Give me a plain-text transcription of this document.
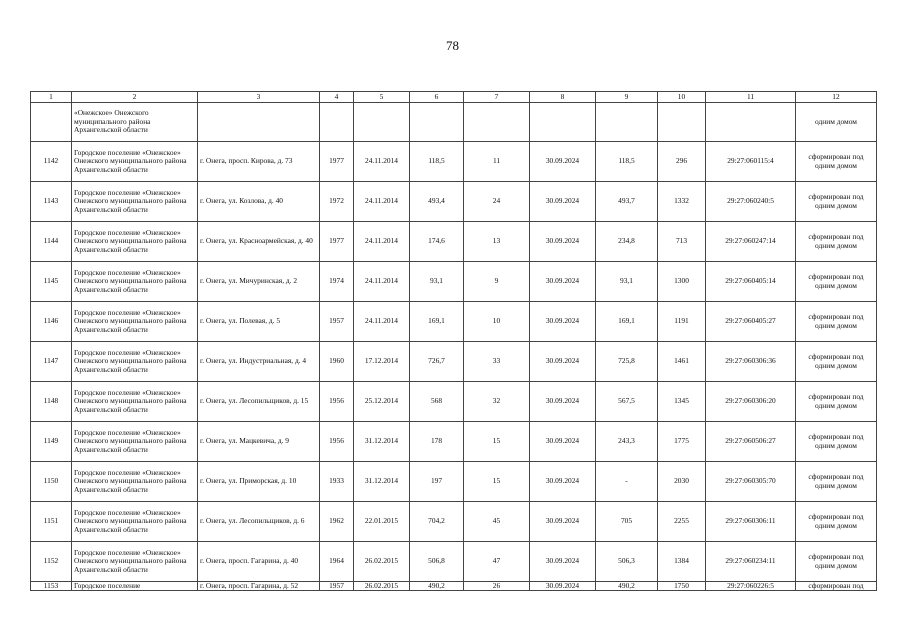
78
1	2	3	4	5	6	7	8	9	10	11	12
	«Онежское» Онежского муниципального района Архангельской области										одним домом
1142	Городское поселение «Онежское» Онежского муниципального района Архангельской области	г. Онега, просп. Кирова, д. 73	1977	24.11.2014	118,5	11	30.09.2024	118,5	296	29:27:060115:4	сформирован под одним домом
1143	Городское поселение «Онежское» Онежского муниципального района Архангельской области	г. Онега, ул. Козлова, д. 40	1972	24.11.2014	493,4	24	30.09.2024	493,7	1332	29:27:060240:5	сформирован под одним домом
1144	Городское поселение «Онежское» Онежского муниципального района Архангельской области	г. Онега, ул. Красноармейская, д. 40	1977	24.11.2014	174,6	13	30.09.2024	234,8	713	29:27:060247:14	сформирован под одним домом
1145	Городское поселение «Онежское» Онежского муниципального района Архангельской области	г. Онега, ул. Мичуринская, д. 2	1974	24.11.2014	93,1	9	30.09.2024	93,1	1300	29:27:060405:14	сформирован под одним домом
1146	Городское поселение «Онежское» Онежского муниципального района Архангельской области	г. Онега, ул. Полевая, д. 5	1957	24.11.2014	169,1	10	30.09.2024	169,1	1191	29:27:060405:27	сформирован под одним домом
1147	Городское поселение «Онежское» Онежского муниципального района Архангельской области	г. Онега, ул. Индустриальная, д. 4	1960	17.12.2014	726,7	33	30.09.2024	725,8	1461	29:27:060306:36	сформирован под одним домом
1148	Городское поселение «Онежское» Онежского муниципального района Архангельской области	г. Онега, ул. Лесопильщиков, д. 15	1956	25.12.2014	568	32	30.09.2024	567,5	1345	29:27:060306:20	сформирован под одним домом
1149	Городское поселение «Онежское» Онежского муниципального района Архангельской области	г. Онега, ул. Мацкевича, д. 9	1956	31.12.2014	178	15	30.09.2024	243,3	1775	29:27:060506:27	сформирован под одним домом
1150	Городское поселение «Онежское» Онежского муниципального района Архангельской области	г. Онега, ул. Приморская, д. 10	1933	31.12.2014	197	15	30.09.2024	-	2030	29:27:060305:70	сформирован под одним домом
1151	Городское поселение «Онежское» Онежского муниципального района Архангельской области	г. Онега, ул. Лесопильщиков, д. 6	1962	22.01.2015	704,2	45	30.09.2024	705	2255	29:27:060306:11	сформирован под одним домом
1152	Городское поселение «Онежское» Онежского муниципального района Архангельской области	г. Онега, просп. Гагарина, д. 40	1964	26.02.2015	506,8	47	30.09.2024	506,3	1384	29:27:060234:11	сформирован под одним домом
1153	Городское поселение	г. Онега, просп. Гагарина, д. 52	1957	26.02.2015	490,2	26	30.09.2024	490,2	1750	29:27:060226:5	сформирован под
